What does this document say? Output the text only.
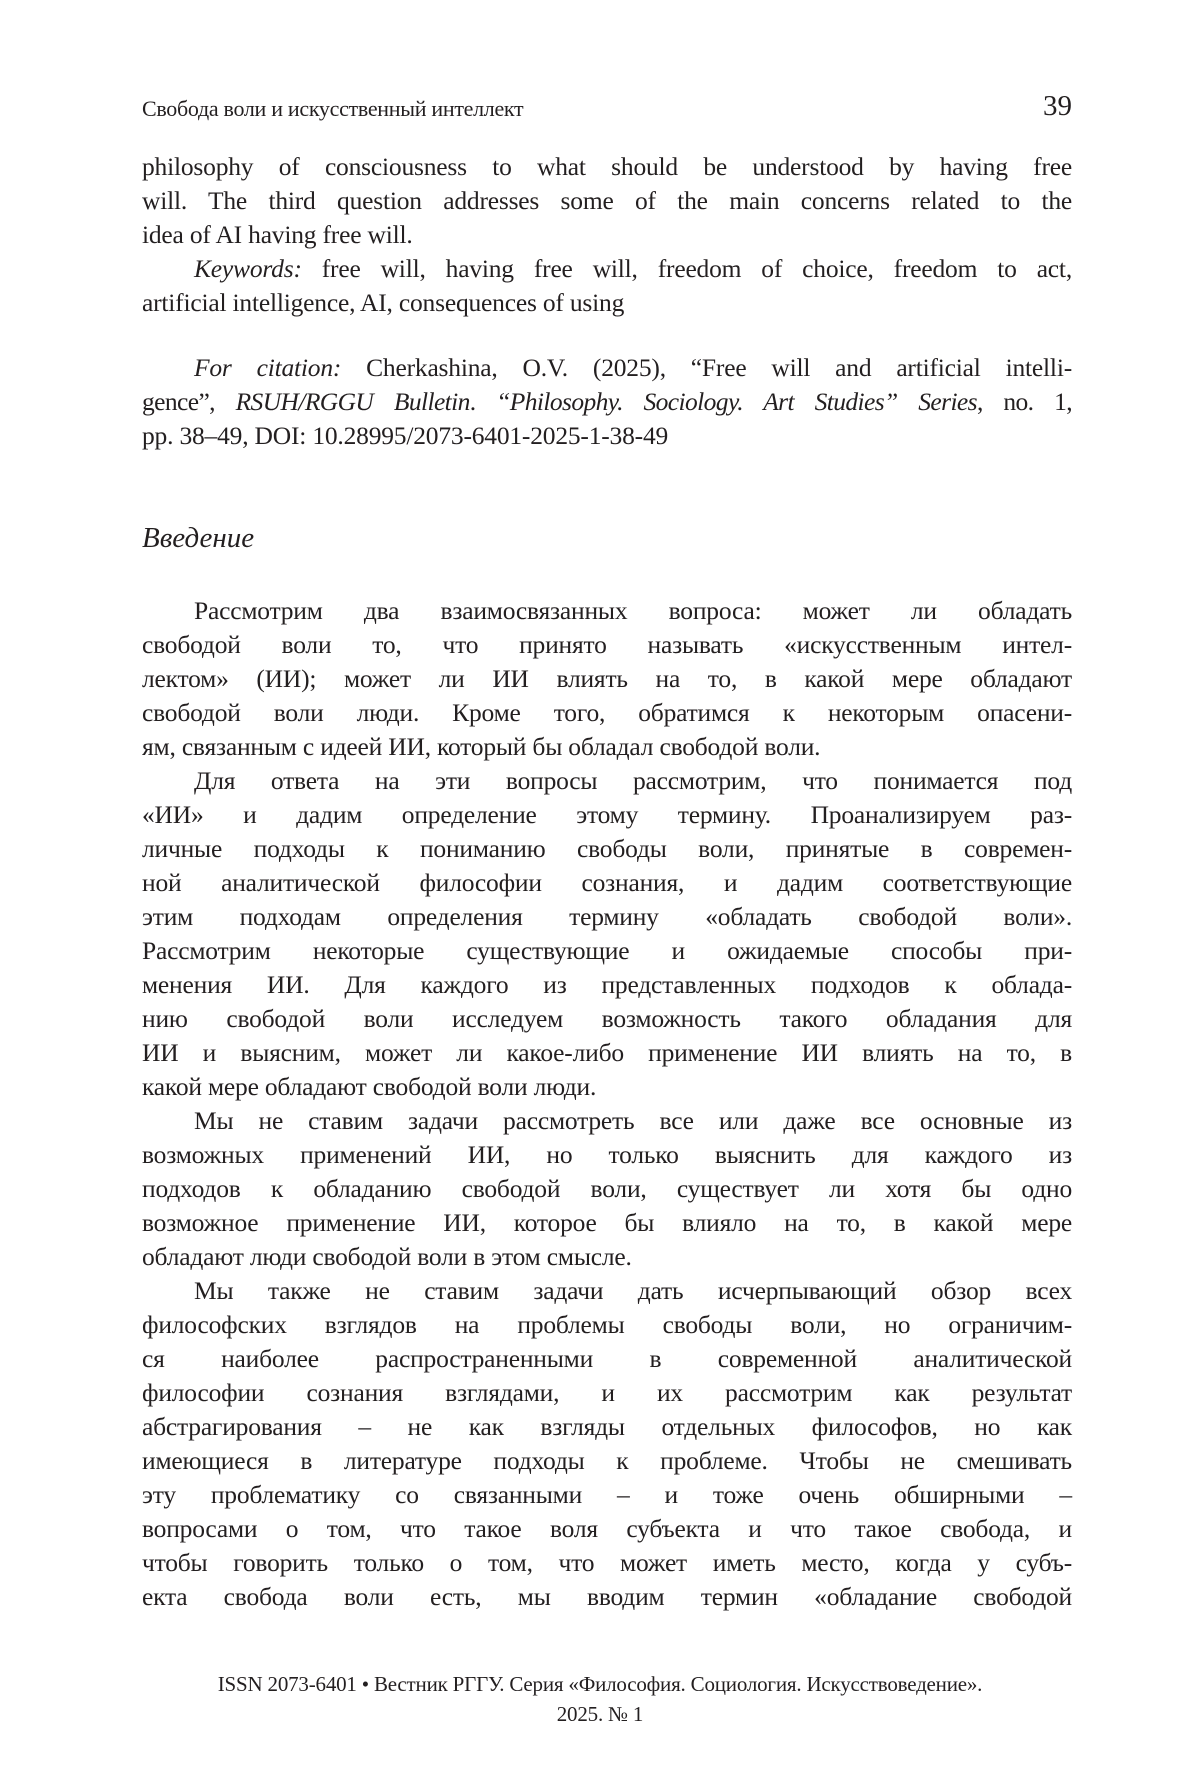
Свобода воли и искусственный интеллект	39
philosophy of consciousness to what should be understood by having free
will. The third question addresses some of the main concerns related to the
idea of AI having free will.
Keywords: free will, having free will, freedom of choice, freedom to act,
artificial intelligence, AI, consequences of using
For citation: Cherkashina, O.V. (2025), “Free will and artificial intelli-
gence”, RSUH/RGGU Bulletin. “Philosophy. Sociology. Art Studies” Series, no. 1,
pp. 38–49, DOI: 10.28995/2073-6401-2025-1-38-49
Введение
Рассмотрим два взаимосвязанных вопроса: может ли обладать
свободой воли то, что принято называть «искусственным интел-
лектом» (ИИ); может ли ИИ влиять на то, в какой мере обладают
свободой воли люди. Кроме того, обратимся к некоторым опасени-
ям, связанным с идеей ИИ, который бы обладал свободой воли.
Для ответа на эти вопросы рассмотрим, что понимается под
«ИИ» и дадим определение этому термину. Проанализируем раз-
личные подходы к пониманию свободы воли, принятые в современ-
ной аналитической философии сознания, и дадим соответствующие
этим подходам определения термину «обладать свободой воли».
Рассмотрим некоторые существующие и ожидаемые способы при-
менения ИИ. Для каждого из представленных подходов к облада-
нию свободой воли исследуем возможность такого обладания для
ИИ и выясним, может ли какое-либо применение ИИ влиять на то, в
какой мере обладают свободой воли люди.
Мы не ставим задачи рассмотреть все или даже все основные из
возможных применений ИИ, но только выяснить для каждого из
подходов к обладанию свободой воли, существует ли хотя бы одно
возможное применение ИИ, которое бы влияло на то, в какой мере
обладают люди свободой воли в этом смысле.
Мы также не ставим задачи дать исчерпывающий обзор всех
философских взглядов на проблемы свободы воли, но ограничим-
ся наиболее распространенными в современной аналитической
философии сознания взглядами, и их рассмотрим как результат
абстрагирования – не как взгляды отдельных философов, но как
имеющиеся в литературе подходы к проблеме. Чтобы не смешивать
эту проблематику со связанными – и тоже очень обширными –
вопросами о том, что такое воля субъекта и что такое свобода, и
чтобы говорить только о том, что может иметь место, когда у субъ-
екта свобода воли есть, мы вводим термин «обладание свободой
ISSN 2073-6401 • Вестник РГГУ. Серия «Философия. Социология. Искусствоведение».
2025. № 1
